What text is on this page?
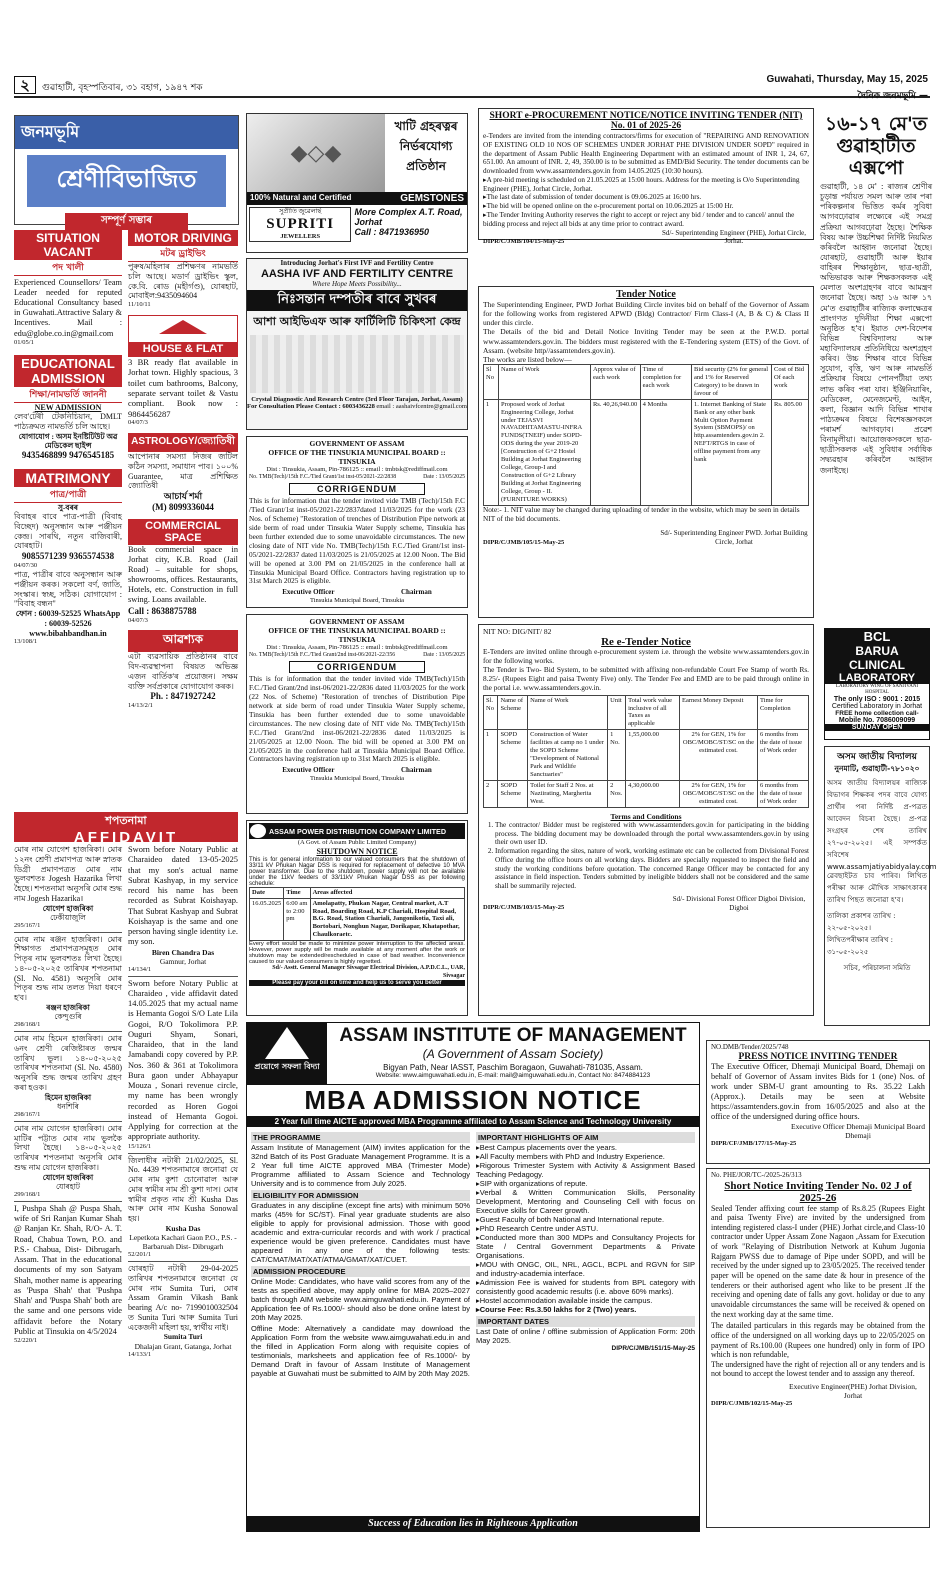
২	গুৱাহাটী, বৃহস্পতিবাৰ, ৩১ বহাগ, ১৯৪৭ শক
Guwahati, Thursday, May 15, 2025
দৈনিক জনমভূমি —
জনমভূমি
শ্ৰেণীবিভাজিত
সম্পূৰ্ণ সম্ভাৰ
SITUATION VACANT
পদ খালী
Experienced Counsellors/ Team Leader needed for reputed Educational Consultancy based in Guwahati.Attractive Salary & Incentives. Mail : edu@globe.co.in@gmail.com
01/05/1
EDUCATIONAL ADMISSION
শিক্ষা/নামভৰ্তি জাননী
NEW ADMISSION
লেব'টেৰী টেকনিচিয়ান, DMLT পাঠ্যক্ৰমত নামভৰ্তি চলি আছে।
যোগাযোগ : অসম ইনষ্টিটিউট অৱ মেডিকেল ছাইন্স
9435468899 9476545185
MATRIMONY
পাত্ৰ/পাত্ৰী
সু-বৰৰ
বিবাহৰ বাবে পাত্ৰ-পাত্ৰী (বিবাহ বিচ্ছেদ) অনুসন্ধান আৰু পঞ্জীয়ন কেন্দ্ৰ। সাৰথি, নতুন বাজিবাৰী, যোৰহাট।
9085571239 9365574538
04/07/30
পাত্ৰ, পাত্ৰীৰ বাবে অনুসন্ধান আৰু পঞ্জীয়ন কৰক। সকলো বৰ্ণ, জাতি, সংস্কাৰ। স্বচ্ছ, সঠিক। যোগাযোগ : "বিবাহ বন্ধন"
ফোন : 60039-52525 WhatsApp : 60039-52526 www.bibahbandhan.in
13/108/1
MOTOR DRIVING
মটৰ ড্ৰাইভিং
পুৰুষ/মহিলাৰ প্ৰশিক্ষণৰ নামভৰ্তি চলি আছে। মডাৰ্ণ ড্ৰাইভিং স্কুল, কে.বি. ৰোড (মহীৰ্গণ্ড), যোৰহাট, মোবাইল:9435094604
11/10/11
HOUSE & FLAT
3 BR ready flat available in Jorhat town. Highly spacious, 3 toilet cum bathrooms, Balcony, separate servant toilet & Vastu compliant. Book now : 9864456287
04/07/3
ASTROLOGY/জ্যোতিষী
আপোনাৰ সমস্যা নিজৰ জটিল কঠিন সমস্যা, সমাধান পাব। ১০০% Guarantee, মাত্ৰ প্ৰশিক্ষিত জ্যোতিষী
আচাৰ্য শৰ্মা
(M) 8099336044
COMMERCIAL SPACE
Book commercial space in Jorhat city, K.B. Road (Jail Road) – suitable for shops, showrooms, offices. Restaurants, Hotels, etc. Construction in full swing. Loans available.
Call : 8638875788
04/07/3
আৱশ্যক
এটা ব্যৱসায়িক প্ৰতিষ্ঠানৰ বাবে বিদ-ব্যৱস্থাপনা বিষয়ত অভিজ্ঞ এজন বাৰ্তিক'ৰ প্ৰয়োজন। সক্ষম ব্যক্তি সৰ্বপ্ৰকাৰে যোগাযোগ কৰক।
Ph. : 8471927242
14/13/2/1
শপতনামা
AFFIDAVIT
মোৰ নাম যোগেশ হাজৰিকা। মোৰ ১২নং শ্ৰেণী প্ৰমাণপত্ৰ আৰু স্নাতক ডিগ্ৰী প্ৰমাণপত্ৰত মোৰ নাম ভুলবশতঃ Jogesh Hazarika লিখা হৈছে। শপতনামা অনুসৰি মোৰ শুদ্ধ নাম Jogesh Hazarika।
যোগেশ হাজৰিকা
ঢেকীয়াজুলি
295/167/1
মোৰ নাম ৰঞ্জন হাজৰিকা। মোৰ শিক্ষাগত প্ৰমাণপত্ৰসমূহত মোৰ পিতৃৰ নাম ভুলবশতঃ লিখা হৈছে। ১৪-০৫-২০২৫ তাৰিখৰ শপতনামা (Sl. No. 4581) অনুসৰি মোৰ পিতৃৰ শুদ্ধ নাম তলত দিয়া ধৰণে হ'ব।
ৰঞ্জন হাজৰিকা
কেন্দুগুৰি
298/168/1
মোৰ নাম হিমেন হাজৰিকা। মোৰ ৬নং শ্ৰেণী ৰেজিষ্টাৰত জন্মৰ তাৰিখ ভুল। ১৪-০৫-২০২৫ তাৰিখৰ শপতনামা (Sl. No. 4580) অনুসৰি শুদ্ধ জন্মৰ তাৰিখ গ্ৰহণ কৰা হওক।
হিমেন হাজৰিকা
ধনশিৰি
298/167/1
মোৰ নাম যোগেন হাজৰিকা। মোৰ মাটিৰ পট্টাত মোৰ নাম ভুলকৈ লিখা হৈছে। ১৪-০৫-২০২৫ তাৰিখৰ শপতনামা অনুসৰি মোৰ শুদ্ধ নাম যোগেন হাজৰিকা।
যোগেন হাজৰিকা
যোৰহাট
299/168/1
I, Pushpa Shah @ Puspa Shah, wife of Sri Ranjan Kumar Shah @ Ranjan Kr. Shah, R/O- A. T. Road, Chabua Town, P.O. and P.S.- Chabua, Dist- Dibrugarh, Assam. That in the educational documents of my son Satyam Shah, mother name is appearing as 'Puspa Shah' that 'Pushpa Shah' and 'Puspa Shah' both are the same and one persons vide affidavit before the Notary Public at Tinsukia on 4/5/2024
52/220/1
Sworn before Notary Public at Charaideo dated 13-05-2025 that my son's actual name Subrat Kashyap, in my service record his name has been recorded as Subrat Koishayap. That Subrat Kashyap and Subrat Koishayap is the same and one person having single identity i.e. my son.
Biren Chandra Das
Gamnur, Jorhat
14/134/1
Sworn before Notary Public at Charaideo , vide affidavit dated 14.05.2025 that my actual name is Hemanta Gogoi S/O Late Lila Gogoi, R/O Tokolimora P.P. Ouguri Shyam, Sonari, Charaideo, that in the land Jamabandi copy covered by P.P. Nos. 360 & 361 at Tokolimora Bura gaon under Abhayapur Mouza , Sonari revenue circle, my name has been wrongly recorded as Horen Gogoi instead of Hemanta Gogoi. Applying for correction at the appropriate authority.
15/126/1
জিলাধীৰ নটাৰী 21/02/2025, Sl. No. 4439 শপতনামাৰে জনোৱা যে মোৰ নাম কুশা চোনোৱাল আৰু মোৰ স্বামীৰ নাম শ্ৰী কুশা দাস। মোৰ স্বামীৰ প্ৰকৃত নাম শ্ৰী Kusha Das আৰু মোৰ নাম Kusha Sonowal হয়।
Kusha Das
Lepetkota Kachari Gaon P.O., P.S. - Barbaruah Dist- Dibrugarh
52/201/1
যোৰহাট নটাৰী 29-04-2025 তাৰিখৰ শপতনামাৰে জনোৱা যে মোৰ নাম Sumita Turi, মোৰ Assam Gramin Vikash Bank bearing A/c no- 7199010032504 ত Sunita Turi আৰু Sumita Turi একেজনী মহিলা হয়, স্বাৰ্থীয় নাই।
Sumita Turi
Dhalajan Grant, Gatanga, Jorhat
14/133/1
◆◇◆
খাটি গ্ৰহৰত্নৰ নিৰ্ভৰযোগ্য প্ৰতিষ্ঠান
100% Natural and Certified	GEMSTONES
সুপ্ৰীতি জুৱেলাৰ্ছ
SUPRITI
JEWELLERS
More Complex A.T. Road, Jorhat
Call : 8471936950
Introducing Jorhat's First IVF and Fertility Centre
AASHA IVF AND FERTILITY CENTRE
Where Hope Meets Possibility...
নিঃসন্তান দম্পতীৰ বাবে সুখবৰ
আশা আইভিএফ আৰু ফাৰ্টিলিটি চিকিৎসা কেন্দ্ৰ
Crystal Diagnostic And Research Centre (3rd Floor Tarajan, Jorhat, Assam)
For Consultation Please Contact : 6003436228 email : aashaivfcentre@gmail.com
GOVERNMENT OF ASSAM
OFFICE OF THE TINSUKIA MUNICIPAL BOARD :: TINSUKIA
Dist : Tinsukia, Assam, Pin-786125 :: email : tmbtsk@rediffmail.com
No. TMB(Tech)/15th F.C./Tied Grant/1st inst-05/2021-22/2838	Date : 13/05/2025
CORRIGENDUM
This is for information that the tender invited vide TMB (Tech)/15th F.C /Tied Grant/1st inst-05/2021-22/2837dated 11/03/2025 for the work (23 Nos. of Scheme) "Restoration of trenches of Distribution Pipe network at side berm of road under Tinsukia Water Supply scheme, Tinsukia has been further extended due to some unavoidable circumstances. The new closing date of NIT vide No. TMB(Tech)/15th F.C./Tied Grant/1st inst-05/2021-22/2837 dated 11/03/2025 is 21/05/2025 at 12.00 Noon. The Bid will be opened at 3.00 PM on 21/05/2025 in the conference hall at Tinsukia Municipal Board Office. Contractors having registration up to 31st March 2025 is eligible.
Executive Officer	Chairman
Tinsukia Municipal Board, Tinsukia
GOVERNMENT OF ASSAM
OFFICE OF THE TINSUKIA MUNICIPAL BOARD :: TINSUKIA
Dist : Tinsukia, Assam, Pin-786125 :: email : tmbtsk@rediffmail.com
No. TMB(Tech)/15th F.C./Tied Grant/2nd inst-06/2021-22/356	Date : 13/05/2025
CORRIGENDUM
This is for information that the tender invited vide TMB(Tech)/15th F.C./Tied Grant/2nd inst-06/2021-22/2836 dated 11/03/2025 for the work (22 Nos. of Scheme) "Restoration of trenches of Distribution Pipe network at side berm of road under Tinsukia Water Supply scheme, Tinsukia has been further extended due to some unavoidable circumstances. The new closing date of NIT vide No. TMB(Tech)/15th F.C./Tied Grant/2nd inst-06/2021-22/2836 dated 11/03/2025 is 21/05/2025 at 12.00 Noon. The bid will be opened at 3.00 PM on 21/05/2025 in the conference hall at Tinsukia Municipal Board Office. Contractors having registration up to 31st March 2025 is eligible.
Executive Officer	Chairman
Tinsukia Municipal Board, Tinsukia
ASSAM POWER DISTRIBUTION COMPANY LIMITED
(A Govt. of Assam Public Limited Company)
SHUTDOWN NOTICE
This is for general information to our valued consumers that the shutdown of 33/11 kV Phukan Nagar DSS is required for replacement of defective 10 MVA power transformer. Due to the shutdown, power supply will not be available under the 11kV feeders of 33/11kV Phukan Nagar DSS as per following schedule:
Date	Time	Areas affected
16.05.2025	6:00 am to 2:00 pm	Amolapatty, Phukan Nagar, Central market, A.T Road, Boarding Road, K.P Chariali, Hospital Road, B.G. Road, Station Chariali, Jangonikotia, Taxi ali, Bortobari, Nonghun Nagar, Dorikapar, Khatapothar, Chaulkoraetc.
Every effort would be made to minimize power interruption to the affected areas. However, power supply will be made available at any moment after the work or shutdown may be extended/rescheduled in case of bad weather. Inconvenience caused to our valued consumers is highly regretted.
Sd/- Asstt. General Manager Sivsagar Electrical Division, A.P.D.C.L., UAR, Sivsagar
Please pay your bill on time and help us to serve you better
SHORT e-PROCUREMENT NOTICE/NOTICE INVITING TENDER (NIT) No. 01 of 2025-26
e-Tenders are invited from the intending contractors/firms for execution of "REPAIRING AND RENOVATION OF EXISTING OLD 10 NOS OF SCHEMES UNDER JORHAT PHE DIVISION UNDER SOPD" required in the department of Assam Public Health Engineering Department with an estimated amount of INR 1, 24, 67, 651.00. An amount of INR. 2, 49, 350.00 is to be submitted as EMD/Bid Security. The tender documents can be downloaded from www.assamtenders.gov.in from 14.05.2025 (10:30 hours).
▸ A pre-bid meeting is scheduled on 21.05.2025 at 15:00 hours. Address for the meeting is O/o Superintending Engineer (PHE), Jorhat Circle, Jorhat.
▸ The last date of submission of tender document is 09.06.2025 at 16:00 hrs.
▸ The bid will be opened online on the e-procurement portal on 10.06.2025 at 15:00 Hr.
▸ The Tender Inviting Authority reserves the right to accept or reject any bid / tender and to cancel/ annul the bidding process and reject all bids at any time prior to contract award.
DIPR/C/JMB/104/15-May-25
Sd/- Superintending Engineer (PHE), Jorhat Circle, Jorhat.
Tender Notice
The Superintending Engineer, PWD Jorhat Building Circle invites bid on behalf of the Governor of Assam for the following works from registered APWD (Bldg) Contractor/ Firm Class-I (A, B & C) & Class II under this circle.
The Details of the bid and Detail Notice Inviting Tender may be seen at the P.W.D. portal www.assamtenders.gov.in. The bidders must registered with the E-Tendering system (ETS) of the Govt. of Assam. (website http//assamtenders.gov.in).
The works are listed below—
Sl No	Name of Work	Approx value of each work	Time of completion for each work	Bid security (2% for general and 1% for Reserved Category) to be drawn in favour of	Cost of Bid Of each work
1	Proposed work of Jorhat Engineering College, Jorhat under TEJASVI NAVADHITAMASTU-INFRA FUNDS(TNEIF) under SOPD-ODS during the year 2019-20 [Construction of G+2 Hostel Building at Jorhat Engineering College, Group-I and Construction of G+2 Library Building at Jorhat Engineering College, Group - II. (FURNITURE WORKS)	Rs. 40,26,940.00	4 Months	1. Internet Banking of State Bank or any other bank Multi Option Payment System (SBMOPS)/ on http.assamtenders.gov.in 2. NEFT/RTGS in case of offline payment from any bank	Rs. 805.00
Note:- 1. NIT value may be changed during uploading of tender in the website, which may be seen in details NIT of the bid documents.
DIPR/C/JMB/105/15-May-25
Sd/- Superintending Engineer PWD. Jorhat Building Circle, Jorhat
NIT NO: DIG/NIT/ 82
Re e-Tender Notice
E-Tenders are invited online through e-procurement system i.e. through the website www.assamtenders.gov.in for the following works.
The Tender is Two- Bid System, to be submitted with affixing non-refundable Court Fee Stamp of worth Rs. 8.25/- (Rupees Eight and paisa Twenty Five) only. The Tender Fee and EMD are to be paid through online in the portal i.e. www.assamtenders.gov.in.
Sl. No	Name of Scheme	Name of Work	Unit	Total work value inclusive of all Taxes as applicable	Earnest Money Deposit	Time for Completion
1	SOPD Scheme	Construction of Water facilities at camp no 1 under the SOPD Scheme "Development of National Park and Wildlife Sanctuaries"	1 No.	1,55,000.00	2% for GEN, 1% for OBC/MOBC/ST/SC on the estimated cost.	6 months from the date of issue of Work order
2	SOPD Scheme	Toilet for Staff 2 Nos. at Naziirating, Margherita West.	2 Nos.	4,30,000.00	2% for GEN, 1% for OBC/MOBC/ST/SC on the estimated cost.	6 months from the date of issue of Work order
Terms and Conditions
1. The contractor/ Bidder must be registered with www.assamtenders.gov.in for participating in the bidding process. The bidding document may be downloaded through the portal www.assamtenders.gov.in by using their own user ID.
2. Information regarding the sites, nature of work, working estimate etc can be collected from Divisional Forest Office during the office hours on all working days. Bidders are specially requested to inspect the field and study the working conditions before quotation. The concerned Range Officer may be contacted for any assistance in field inspection. Tenders submitted by ineligible bidders shall not be considered and the same shall be summarily rejected.
DIPR/C/JMB/103/15-May-25
Sd/- Divisional Forest Officer Digboi Division, Digboi
প্ৰয়োগে সফলা বিদ্যা
ASSAM INSTITUTE OF MANAGEMENT
(A Government of Assam Society)
Bigyan Path, Near IASST, Paschim Boragaon, Guwahati-781035, Assam.
Website: www.aimguwahati.edu.in, E-mail: mail@aimguwahati.edu.in, Contact No: 8474884123
MBA ADMISSION NOTICE
2 Year full time AICTE approved MBA Programme affiliated to Assam Science and Technology University
THE PROGRAMME
Assam Institute of Management (AIM) invites application for the 32nd Batch of its Post Graduate Management Programme. It is a 2 Year full time AICTE approved MBA (Trimester Mode) Programme affiliated to Assam Science and Technology University and is to commence from July 2025.
ELIGIBILITY FOR ADMISSION
Graduates in any discipline (except fine arts) with minimum 50% marks (45% for SC/ST). Final year graduate students are also eligible to apply for provisional admission. Those with good academic and extra-curricular records and with work / practical experience would be given preference. Candidates must have appeared in any one of the following tests: CAT/CMAT/MAT/XAT/ATMA/GMAT/XAT/CUET.
ADMISSION PROCEDURE
Online Mode: Candidates, who have valid scores from any of the tests as specified above, may apply online for MBA 2025–2027 batch through AIM website www.aimguwahati.edu.in. Payment of Application fee of Rs.1000/- should also be done online latest by 20th May 2025.
Offline Mode: Alternatively a candidate may download the Application Form from the website www.aimguwahati.edu.in and the filled in Application Form along with requisite copies of testimonials, marksheets and application fee of Rs.1000/- by Demand Draft in favour of Assam Institute of Management payable at Guwahati must be submitted to AIM by 20th May 2025.
IMPORTANT HIGHLIGHTS OF AIM
▸ Best Campus placements over the years.
▸ All Faculty members with PhD and Industry Experience.
▸ Rigorous Trimester System with Activity & Assignment Based Teaching Pedagogy.
▸ SIP with organizations of repute.
▸ Verbal & Written Communication Skills, Personality Development, Mentoring and Counseling Cell with focus on Executive skills for Career growth.
▸ Guest Faculty of both National and International repute.
▸ PhD Research Centre under ASTU.
▸ Conducted more than 300 MDPs and Consultancy Projects for State / Central Government Departments & Private Organisations.
▸ MOU with ONGC, OIL, NRL, AGCL, BCPL and RGVN for SIP and industry-academia interface.
▸ Admission Fee is waived for students from BPL category with consistently good academic results (i.e. above 60% marks).
▸ Hostel accommodation available inside the campus.
▸ Course Fee: Rs.3.50 lakhs for 2 (Two) years.
IMPORTANT DATES
Last Date of online / offline submission of Application Form: 20th May 2025.
DIPR/C/JMB/151/15-May-25
Success of Education lies in Righteous Application
১৬-১৭ মে'ত
গুৱাহাটীত
এক্সপো
গুৱাহাটী, ১৪ মে' : ৰাজ্যৰ শ্ৰেণীৰ চুড়ান্ত পৰ্যায়ত সমল আৰু তাৰ পৰা পৰিকল্পনাৰ ভিত্তিত কৰ্মৰ সুবিধা আগবঢ়োৱাৰ লক্ষ্যেৰে এই সমগ্ৰ প্ৰক্ৰিয়া আগবঢ়োৱা হৈছে। শৈক্ষিক বিষয় আৰু উচ্চশিক্ষা নিৰ্দিষ্ট নিয়মিত কৰিবলৈ আহ্বান জনোৱা হৈছে। যোৰহাট, গুৱাহাটী আৰু ইয়াৰ বাহিৰৰ শিক্ষানুষ্ঠান, ছাত্ৰ-ছাত্ৰী, অভিভাৱক আৰু শিক্ষকসকলক এই মেলাত অংশগ্ৰহণৰ বাবে আমন্ত্ৰণ জনোৱা হৈছে। অহা ১৬ আৰু ১৭ মে'ত গুৱাহাটীৰ ৰাজ্যিক কলাক্ষেত্ৰৰ প্ৰাংগণত দুদিনীয়া শিক্ষা এক্সপো অনুষ্ঠিত হ'ব। ইয়াত দেশ-বিদেশৰ বিভিন্ন বিশ্ববিদ্যালয় আৰু মহাবিদ্যালয়ৰ প্ৰতিনিধিয়ে অংশগ্ৰহণ কৰিব। উচ্চ শিক্ষাৰ বাবে বিভিন্ন সুযোগ, বৃত্তি, ঋণ আৰু নামভৰ্তি প্ৰক্ৰিয়াৰ বিষয়ে পোনপটীয়া তথ্য লাভ কৰিব পৰা যাব। ইঞ্জিনিয়াৰিং, মেডিকেল, মেনেজমেণ্ট, আইন, কলা, বিজ্ঞান আদি বিভিন্ন শাখাৰ পাঠ্যক্ৰমৰ বিষয়ে বিশেষজ্ঞসকলে পৰামৰ্শ আগবঢ়াব। প্ৰৱেশ বিনামূলীয়া। আয়োজকসকলে ছাত্ৰ-ছাত্ৰীসকলক এই সুবিধাৰ সৰ্বাধিক সদ্ব্যৱহাৰ কৰিবলৈ আহ্বান জনাইছে।
BCL
BARUA
CLINICAL
LABORATORY
LABORATORY WING OF SANJIVANI HOSPITAL
The only ISO : 9001 : 2015
Certified Laboratory in Jorhat
FREE home collection call-
Mobile No. 7086009099
SUNDAY OPEN
অসম জাতীয় বিদ্যালয়
নুনমাটি, গুৱাহাটী-৭৮১০২০
অসম জাতীয় বিদ্যালয়ৰ ৰাজ্যিক বিভাগৰ শিক্ষকৰ পদৰ বাবে যোগ্য প্ৰাৰ্থীৰ পৰা নিৰ্দিষ্ট প্ৰ-পত্ৰত আবেদন বিচৰা হৈছে। প্ৰ-পত্ৰ সংগ্ৰহৰ শেষ তাৰিখ ২৭-০৫-২০২৫। এই সম্পৰ্কত সবিশেষ www.assamjatiyabidyalay.com ৱেবছাইটত চাব পাৰিব। লিখিত পৰীক্ষা আৰু মৌখিক সাক্ষাৎকাৰৰ তাৰিখ পিছত জনোৱা হ'ব।
তালিকা প্ৰকাশৰ তাৰিখ : ২২-০৫-২০২৫।
লিখিতপৰীক্ষাৰ তাৰিখ : ৩১-০৫-২০২৫
সচিব, পৰিচালনা সমিতি
NO.DMB/Tender/2025/748
PRESS NOTICE INVITING TENDER
The Executive Officer, Dhemaji Municipal Board, Dhemaji on behalf of Governor of Assam invites Bids for 1 (one) Nos. of work under SBM-U grant amounting to Rs. 35.22 Lakh (Approx.). Details may be seen at Website https://assamtenders.gov.in from 16/05/2025 and also at the office of the undersigned during office hours.
Executive Officer Dhemaji Municipal Board Dhemaji
DIPR/CF/JMB/177/15-May-25
No. PHE/JOR/TC-/2025-26/313
Short Notice Inviting Tender No. 02 J of 2025-26
Sealed Tender affixing court fee stamp of Rs.8.25 (Rupees Eight and paisa Twenty Five) are invited by the undersigned from intending registered class-I under (PHE) Jorhat circle,and Class-10 contractor under Upper Assam Zone Nagaon ,Assam for Execution of work "Relaying of Distribution Network at Kuhum Jugonia Rajgarn PWSS due to damage of Pipe under SOPD, and will be received by the under signed up to 23/05/2025. The received tender paper will be opened on the same date & hour in presence of the tenderers or their authorised agent who like to be present .If the receiving and opening date of falls any govt. holiday or due to any unavoidable circumstances the same will be received & opened on the next working day at the same time.
The datailed particulars in this regards may be obtained from the office of the undersigned on all working days up to 22/05/2025 on payment of Rs.100.00 (Rupees one hundred) only in form of IPO which is non refundable,
The undersigned have the right of rejection all or any tenders and is not bound to accept the lowest tender and to asssign any thereof.
Executive Engineer(PHE) Jorhat Division, Jorhat
DIPR/C/JMB/102/15-May-25
